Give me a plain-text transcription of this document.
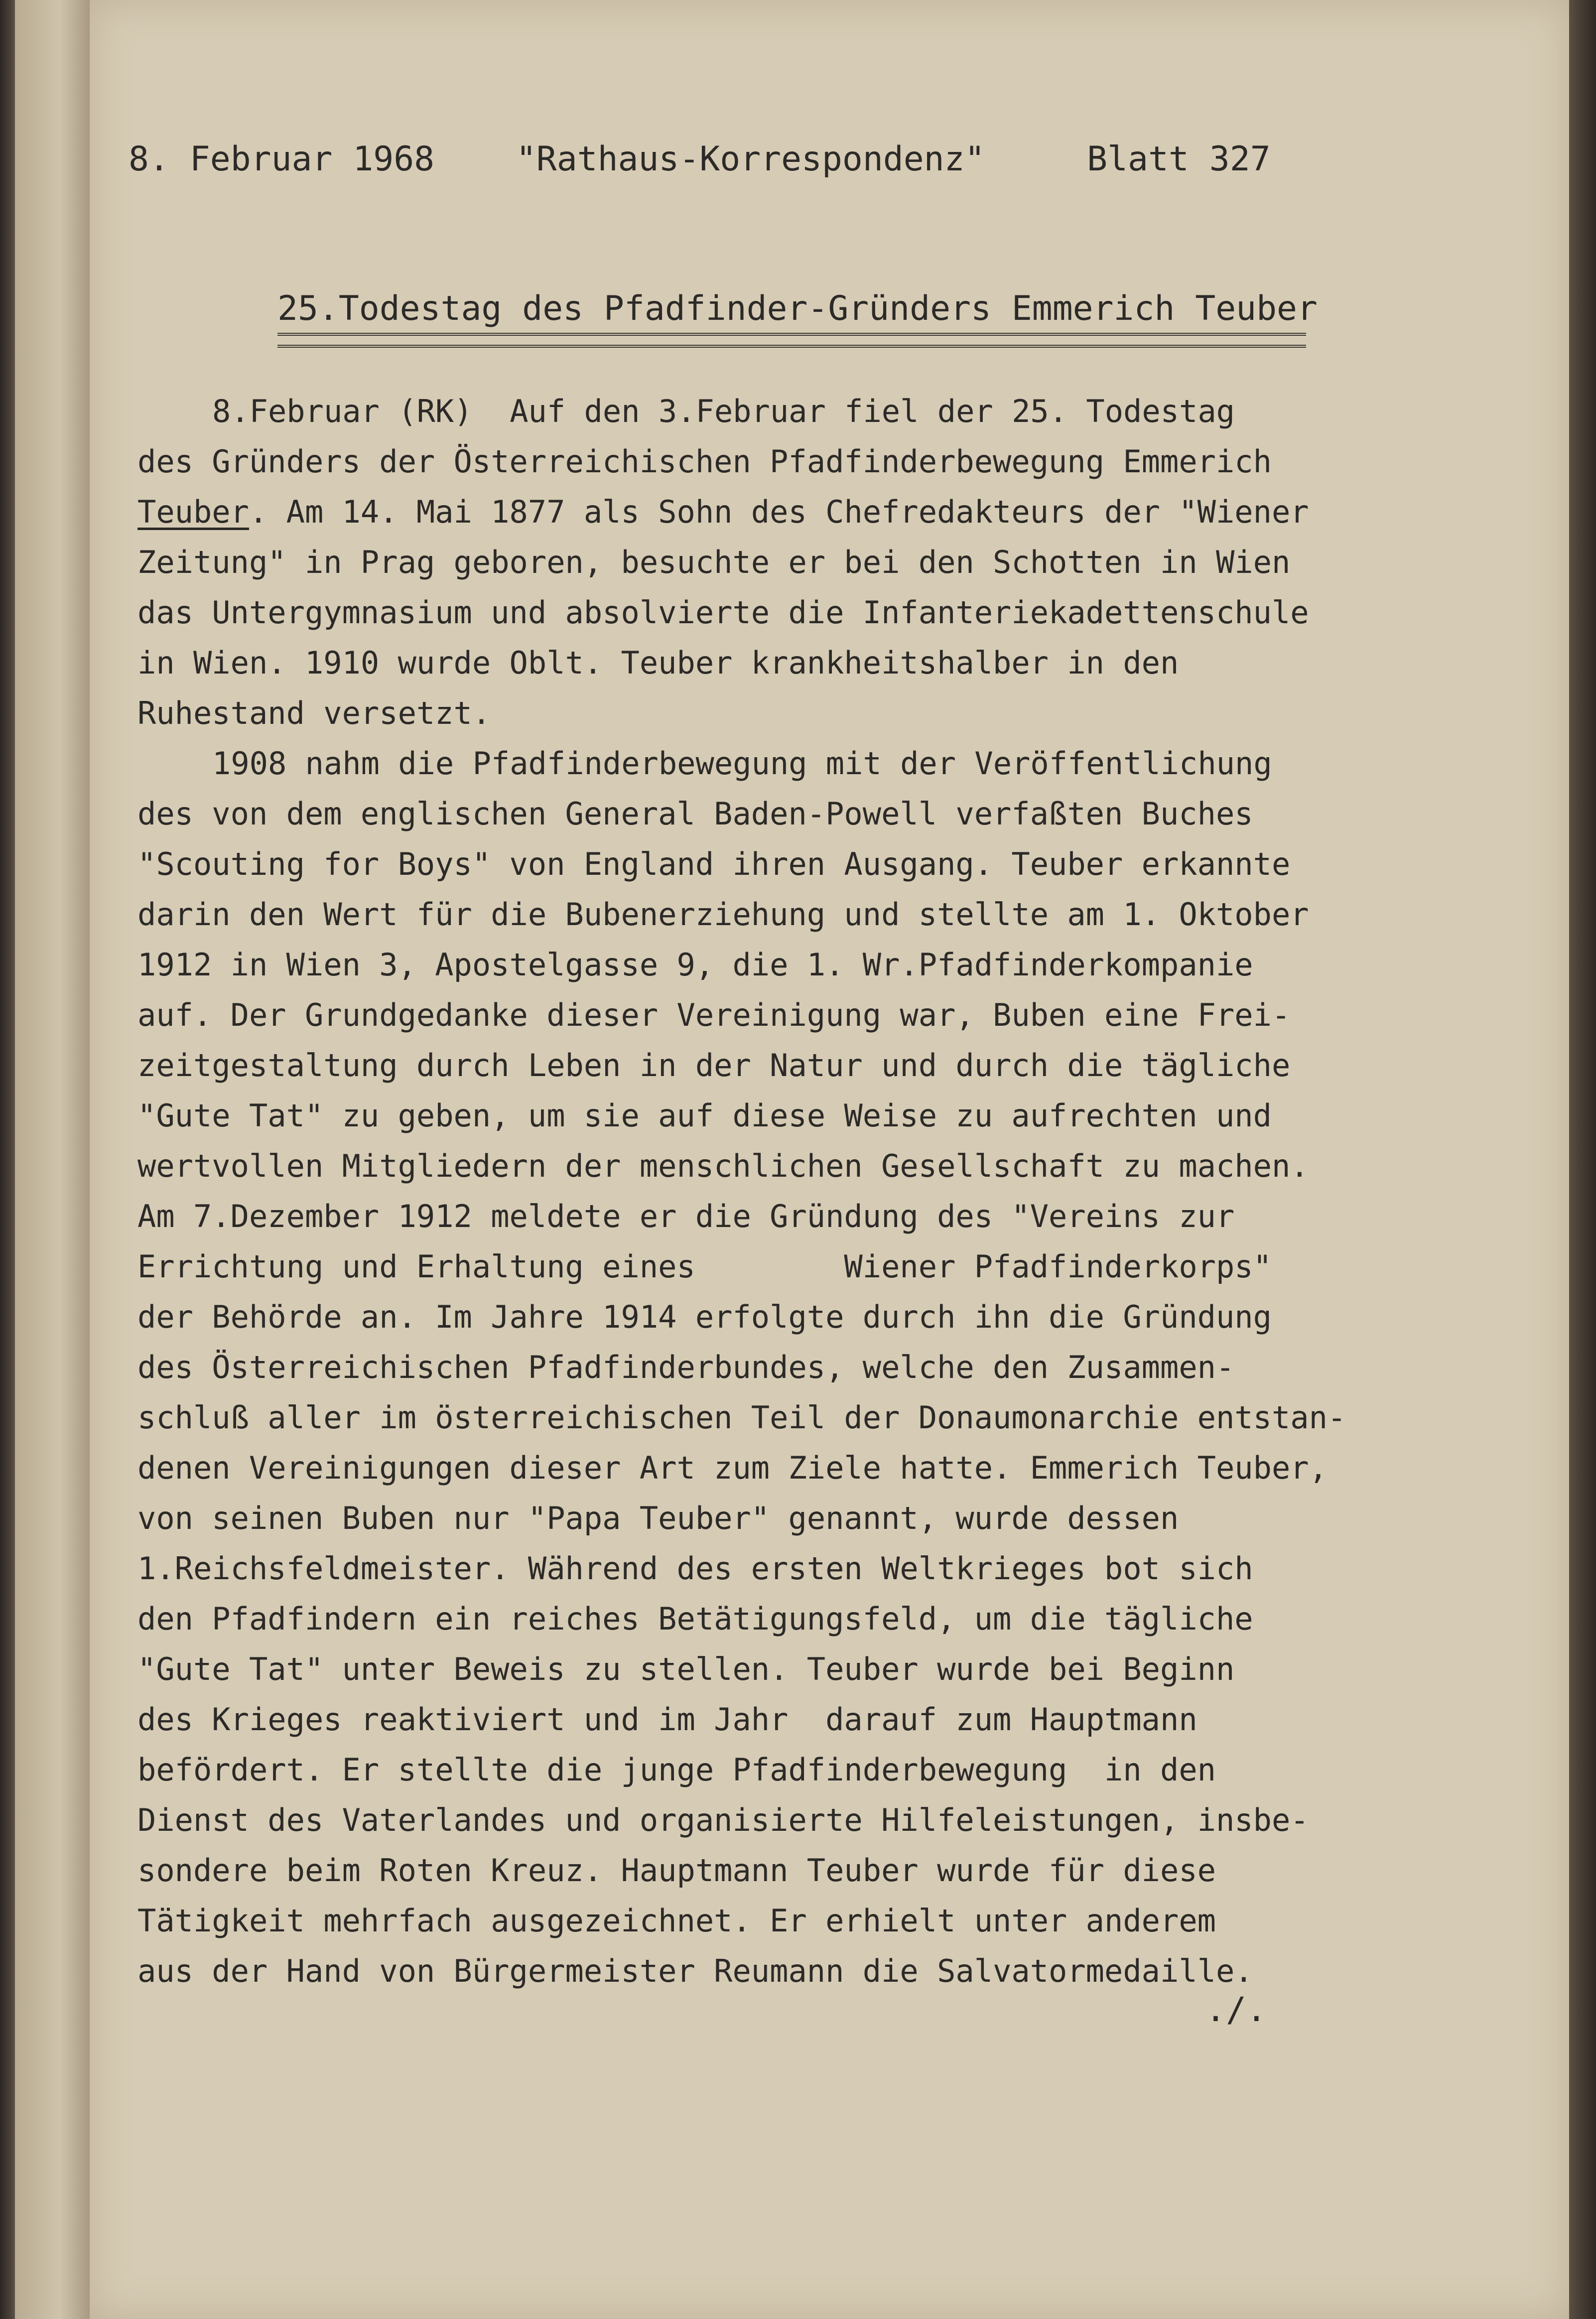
8. Februar 1968 "Rathaus-Korrespondenz"	Blatt 327
25.Todestag des Pfadfinder-Gründers Emmerich Teuber
8.Februar (RK)  Auf den 3.Februar fiel der 25. Todestag
des Gründers der Österreichischen Pfadfinderbewegung Emmerich
Teuber. Am 14. Mai 1877 als Sohn des Chefredakteurs der "Wiener
Zeitung" in Prag geboren, besuchte er bei den Schotten in Wien
das Untergymnasium und absolvierte die Infanteriekadettenschule
in Wien. 1910 wurde Oblt. Teuber krankheitshalber in den
Ruhestand versetzt.
1908 nahm die Pfadfinderbewegung mit der Veröffentlichung
des von dem englischen General Baden-Powell verfaßten Buches
"Scouting for Boys" von England ihren Ausgang. Teuber erkannte
darin den Wert für die Bubenerziehung und stellte am 1. Oktober
1912 in Wien 3, Apostelgasse 9, die 1. Wr.Pfadfinderkompanie
auf. Der Grundgedanke dieser Vereinigung war, Buben eine Frei-
zeitgestaltung durch Leben in der Natur und durch die tägliche
"Gute Tat" zu geben, um sie auf diese Weise zu aufrechten und
wertvollen Mitgliedern der menschlichen Gesellschaft zu machen.
Am 7.Dezember 1912 meldete er die Gründung des "Vereins zur
Errichtung und Erhaltung eines        Wiener Pfadfinderkorps"
der Behörde an. Im Jahre 1914 erfolgte durch ihn die Gründung
des Österreichischen Pfadfinderbundes, welche den Zusammen-
schluß aller im österreichischen Teil der Donaumonarchie entstan-
denen Vereinigungen dieser Art zum Ziele hatte. Emmerich Teuber,
von seinen Buben nur "Papa Teuber" genannt, wurde dessen
1.Reichsfeldmeister. Während des ersten Weltkrieges bot sich
den Pfadfindern ein reiches Betätigungsfeld, um die tägliche
"Gute Tat" unter Beweis zu stellen. Teuber wurde bei Beginn
des Krieges reaktiviert und im Jahr  darauf zum Hauptmann
befördert. Er stellte die junge Pfadfinderbewegung  in den
Dienst des Vaterlandes und organisierte Hilfeleistungen, insbe-
sondere beim Roten Kreuz. Hauptmann Teuber wurde für diese
Tätigkeit mehrfach ausgezeichnet. Er erhielt unter anderem
aus der Hand von Bürgermeister Reumann die Salvatormedaille.
./.
